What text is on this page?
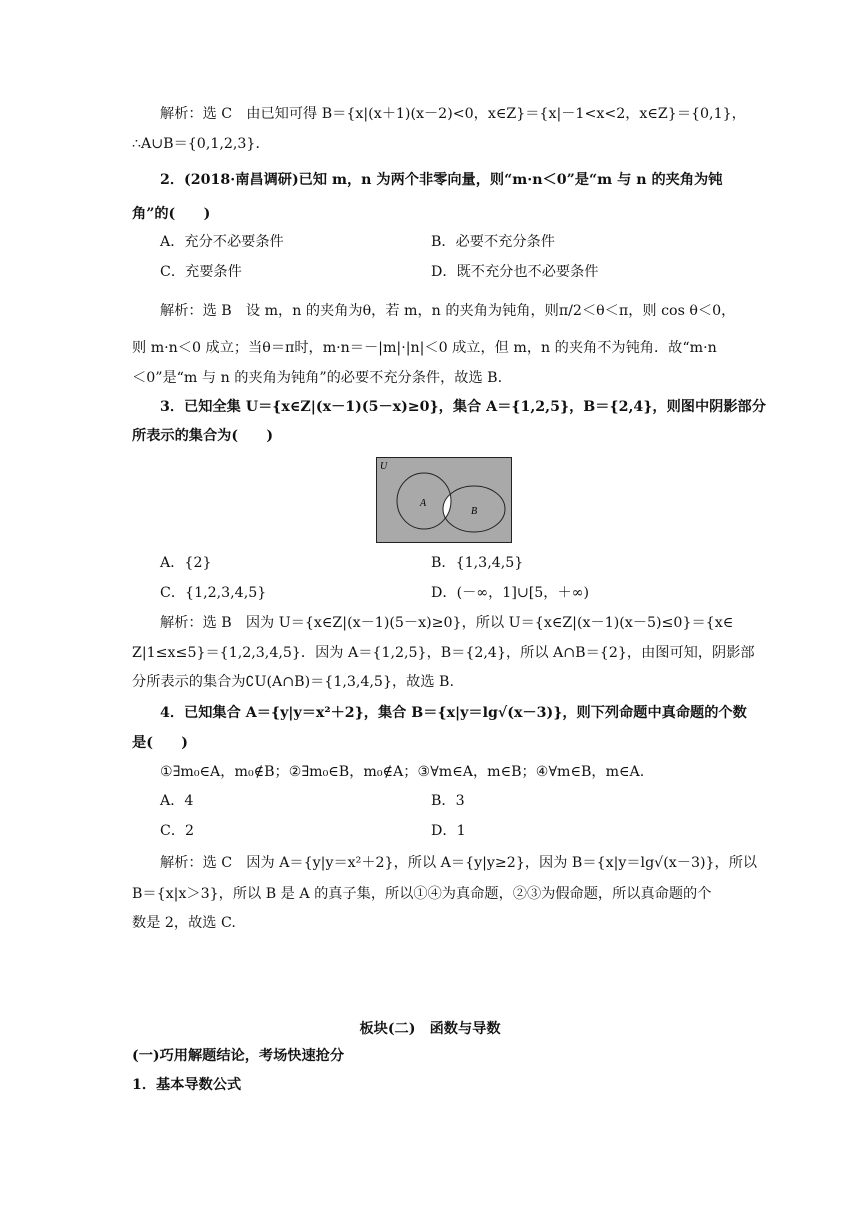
解析：选 C　由已知可得 B＝{x|(x＋1)(x－2)<0，x∈Z}＝{x|－1<x<2，x∈Z}＝{0,1}，
∴A∪B＝{0,1,2,3}．
2．(2018·南昌调研)已知 m，n 为两个非零向量，则“m·n＜0”是“m 与 n 的夹角为钝
角”的(　　)
A．充分不必要条件	B．必要不充分条件
C．充要条件	D．既不充分也不必要条件
解析：选 B　设 m，n 的夹角为θ，若 m，n 的夹角为钝角，则π/2＜θ＜π，则 cos θ＜0，
则 m·n＜0 成立；当θ＝π时，m·n＝－|m|·|n|＜0 成立，但 m，n 的夹角不为钝角．故“m·n
＜0”是“m 与 n 的夹角为钝角”的必要不充分条件，故选 B.
3．已知全集 U＝{x∈Z|(x－1)(5－x)≥0}，集合 A＝{1,2,5}，B＝{2,4}，则图中阴影部分
所表示的集合为(　　)
U
A
B
A．{2}	B．{1,3,4,5}
C．{1,2,3,4,5}	D．(－∞，1]∪[5，＋∞)
解析：选 B　因为 U＝{x∈Z|(x－1)(5－x)≥0}，所以 U＝{x∈Z|(x－1)(x－5)≤0}＝{x∈
Z|1≤x≤5}＝{1,2,3,4,5}．因为 A＝{1,2,5}，B＝{2,4}，所以 A∩B＝{2}，由图可知，阴影部
分所表示的集合为∁U(A∩B)＝{1,3,4,5}，故选 B.
4．已知集合 A＝{y|y＝x²＋2}，集合 B＝{x|y＝lg√(x－3)}，则下列命题中真命题的个数
是(　　)
①∃m₀∈A，m₀∉B；②∃m₀∈B，m₀∉A；③∀m∈A，m∈B；④∀m∈B，m∈A.
A．4	B．3
C．2	D．1
解析：选 C　因为 A＝{y|y＝x²＋2}，所以 A＝{y|y≥2}，因为 B＝{x|y＝lg√(x－3)}，所以
B＝{x|x＞3}，所以 B 是 A 的真子集，所以①④为真命题，②③为假命题，所以真命题的个
数是 2，故选 C.
板块(二)　函数与导数
(一)巧用解题结论，考场快速抢分
1．基本导数公式
